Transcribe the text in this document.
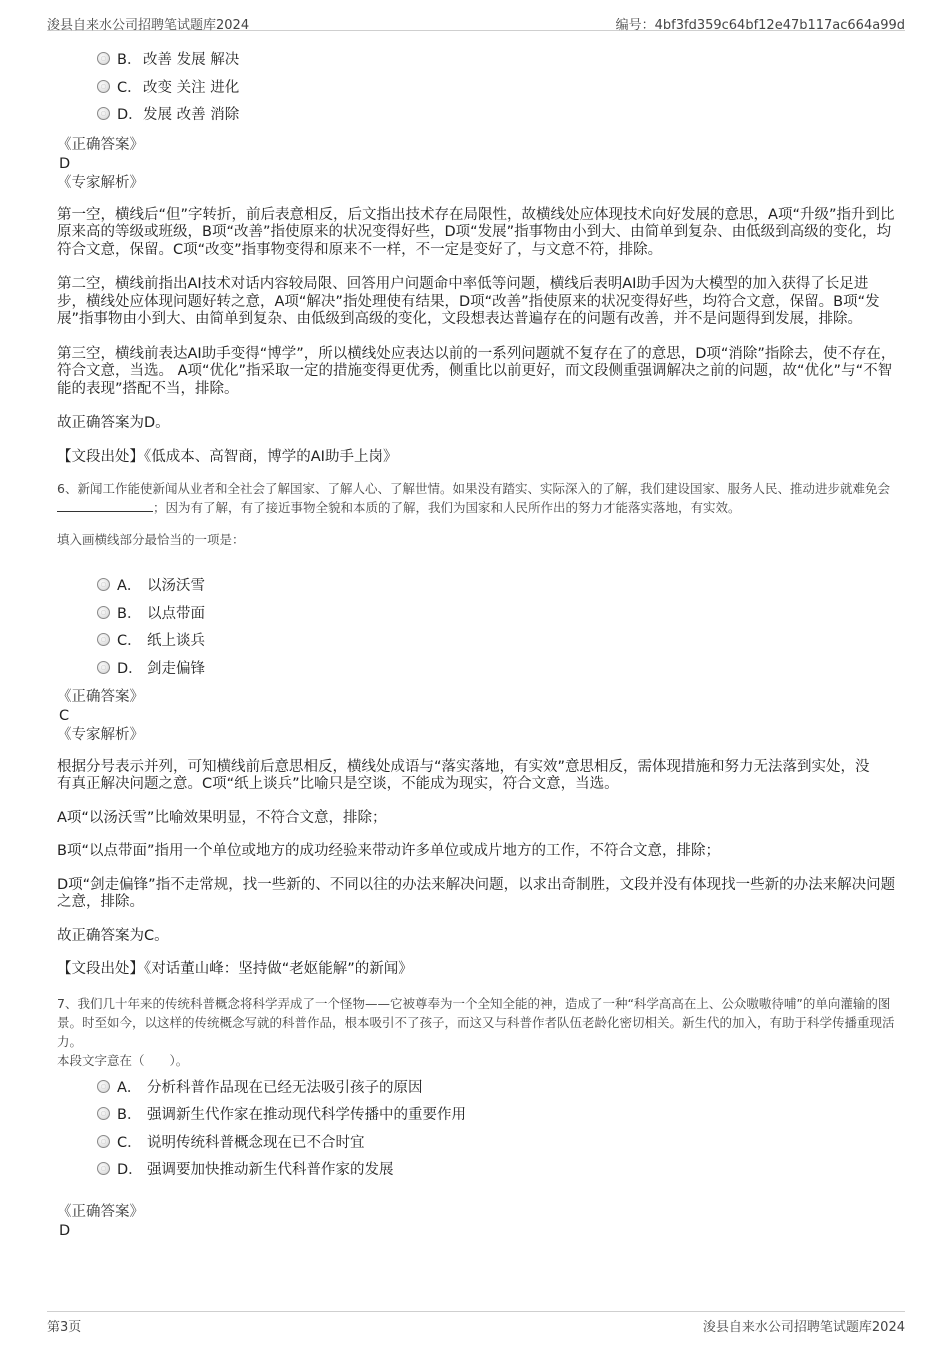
浚县自来水公司招聘笔试题库2024	编号：4bf3fd359c64bf12e47b117ac664a99d
B． 改善 发展 解决
C． 改变 关注 进化
D． 发展 改善 消除
《正确答案》
D
《专家解析》
第一空，横线后“但”字转折，前后表意相反，后文指出技术存在局限性，故横线处应体现技术向好发展的意思，A项“升级”指升到比原来高的等级或班级，B项“改善”指使原来的状况变得好些，D项“发展”指事物由小到大、由简单到复杂、由低级到高级的变化，均符合文意，保留。C项“改变”指事物变得和原来不一样，不一定是变好了，与文意不符，排除。
第二空，横线前指出AI技术对话内容较局限、回答用户问题命中率低等问题，横线后表明AI助手因为大模型的加入获得了长足进步，横线处应体现问题好转之意，A项“解决”指处理使有结果，D项“改善”指使原来的状况变得好些，均符合文意，保留。B项“发展”指事物由小到大、由简单到复杂、由低级到高级的变化，文段想表达普遍存在的问题有改善，并不是问题得到发展，排除。
第三空，横线前表达AI助手变得“博学”，所以横线处应表达以前的一系列问题就不复存在了的意思，D项“消除”指除去，使不存在，符合文意，当选。 A项“优化”指采取一定的措施变得更优秀，侧重比以前更好，而文段侧重强调解决之前的问题，故“优化”与“不智能的表现”搭配不当，排除。
故正确答案为D。
【文段出处】《低成本、高智商，博学的AI助手上岗》
6、新闻工作能使新闻从业者和全社会了解国家、了解人心、了解世情。如果没有踏实、实际深入的了解，我们建设国家、服务人民、推动进步就难免会；因为有了解，有了接近事物全貌和本质的了解，我们为国家和人民所作出的努力才能落实落地，有实效。
填入画横线部分最恰当的一项是：
A． 以汤沃雪
B． 以点带面
C． 纸上谈兵
D． 剑走偏锋
《正确答案》
C
《专家解析》
根据分号表示并列，可知横线前后意思相反，横线处成语与“落实落地，有实效”意思相反，需体现措施和努力无法落到实处，没有真正解决问题之意。C项“纸上谈兵”比喻只是空谈，不能成为现实，符合文意，当选。
A项“以汤沃雪”比喻效果明显，不符合文意，排除；
B项“以点带面”指用一个单位或地方的成功经验来带动许多单位或成片地方的工作，不符合文意，排除；
D项“剑走偏锋”指不走常规，找一些新的、不同以往的办法来解决问题，以求出奇制胜，文段并没有体现找一些新的办法来解决问题之意，排除。
故正确答案为C。
【文段出处】《对话董山峰：坚持做“老妪能解”的新闻》
7、我们几十年来的传统科普概念将科学弄成了一个怪物——它被尊奉为一个全知全能的神，造成了一种“科学高高在上、公众嗷嗷待哺”的单向灌输的图景。时至如今，以这样的传统概念写就的科普作品，根本吸引不了孩子，而这又与科普作者队伍老龄化密切相关。新生代的加入，有助于科学传播重现活力。
本段文字意在（　　）。
A． 分析科普作品现在已经无法吸引孩子的原因
B． 强调新生代作家在推动现代科学传播中的重要作用
C． 说明传统科普概念现在已不合时宜
D． 强调要加快推动新生代科普作家的发展
《正确答案》
D
第3页	浚县自来水公司招聘笔试题库2024
